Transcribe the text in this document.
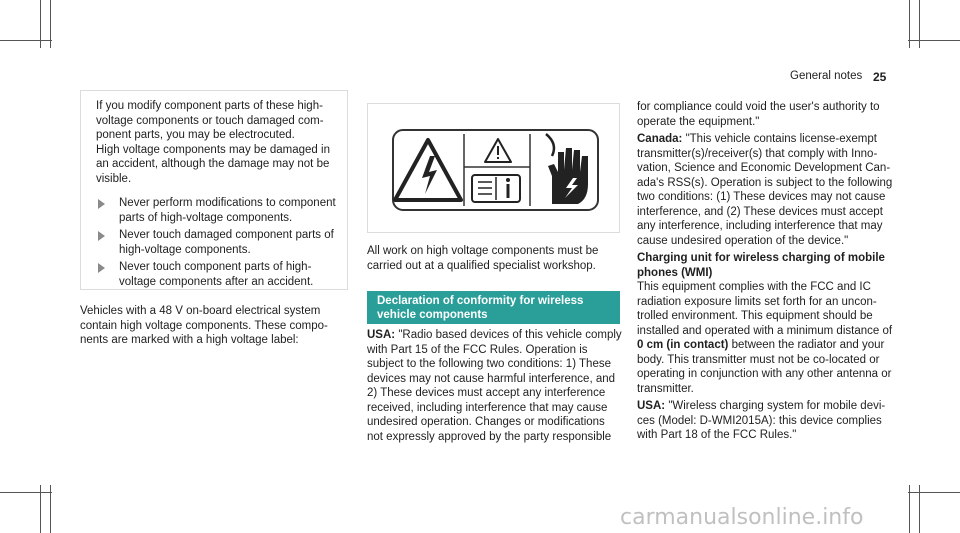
General notes 25
If you modify component parts of these high-voltage components or touch damaged component parts, you may be electrocuted.
High voltage components may be damaged in an accident, although the damage may not be visible.
Never perform modifications to component parts of high-voltage components.
Never touch damaged component parts of high-voltage components.
Never touch component parts of high-voltage components after an accident.
Vehicles with a 48 V on-board electrical system contain high voltage components. These components are marked with a high voltage label:
All work on high voltage components must be carried out at a qualified specialist workshop.
Declaration of conformity for wireless vehicle components

USA: "Radio based devices of this vehicle comply with Part 15 of the FCC Rules. Operation is subject to the following two conditions: 1) These devices may not cause harmful interference, and 2) These devices must accept any interference received, including interference that may cause undesired operation. Changes or modifications not expressly approved by the party responsible

for compliance could void the user's authority to operate the equipment."

Canada: "This vehicle contains license-exempt transmitter(s)/receiver(s) that comply with Innovation, Science and Economic Development Canada's RSS(s). Operation is subject to the following two conditions: (1) These devices may not cause interference, and (2) These devices must accept any interference, including interference that may cause undesired operation of the device."

Charging unit for wireless charging of mobile phones (WMI)

This equipment complies with the FCC and IC radiation exposure limits set forth for an uncontrolled environment. This equipment should be installed and operated with a minimum distance of 0 cm (in contact) between the radiator and your body. This transmitter must not be co-located or operating in conjunction with any other antenna or transmitter.

USA: "Wireless charging system for mobile devices (Model: D-WMI2015A): this device complies with Part 18 of the FCC Rules."

carmanualsonline.info
